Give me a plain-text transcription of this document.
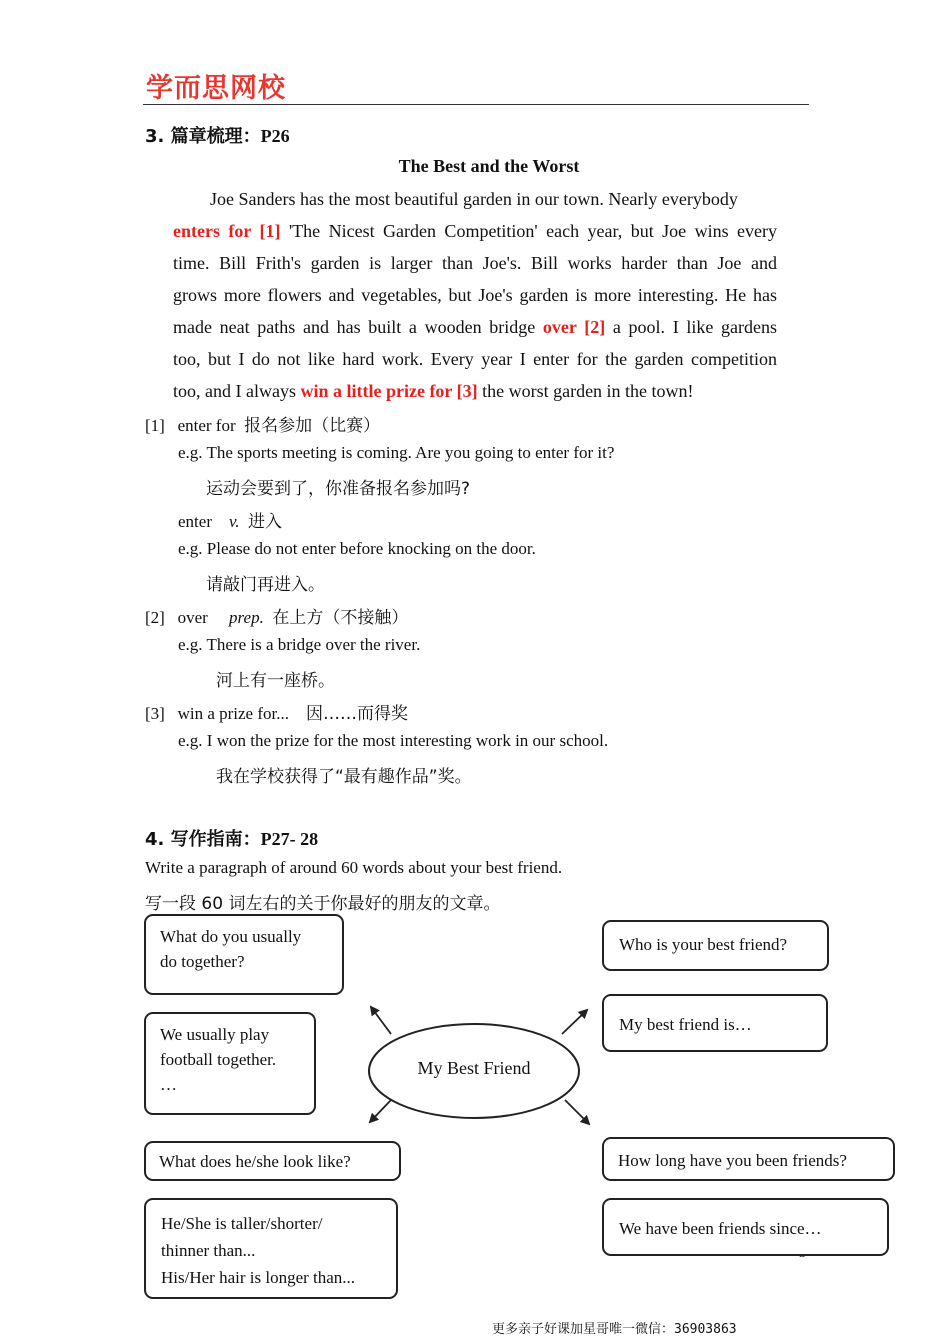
学而思网校
3. 篇章梳理：P26
The Best and the Worst
Joe Sanders has the most beautiful garden in our town. Nearly everybody
enters for [1] 'The Nicest Garden Competition' each year, but Joe wins every
time. Bill Frith's garden is larger than Joe's. Bill works harder than Joe and
grows more flowers and vegetables, but Joe's garden is more interesting. He has
made neat paths and has built a wooden bridge over [2] a pool. I like gardens
too, but I do not like hard work. Every year I enter for the garden competition
too, and I always win a little prize for [3] the worst garden in the town!
[1] enter for 报名参加（比赛）
e.g. The sports meeting is coming. Are you going to enter for it?
运动会要到了，你准备报名参加吗?
enter v. 进入
e.g. Please do not enter before knocking on the door.
请敲门再进入。
[2] over prep. 在上方（不接触）
e.g. There is a bridge over the river.
河上有一座桥。
[3] win a prize for... 因……而得奖
e.g. I won the prize for the most interesting work in our school.
我在学校获得了“最有趣作品”奖。
4. 写作指南：P27- 28
Write a paragraph of around 60 words about your best friend.
写一段 60 词左右的关于你最好的朋友的文章。
My Best Friend
What do you usually
do together?
We usually play
football together.
…
What does he/she look like?
He/She is taller/shorter/
thinner than...
His/Her hair is longer than...
Who is your best friend?
My best friend is…
How long have you been friends?
We have been friends since…
更多亲子好课加星哥唯一微信：36903863
